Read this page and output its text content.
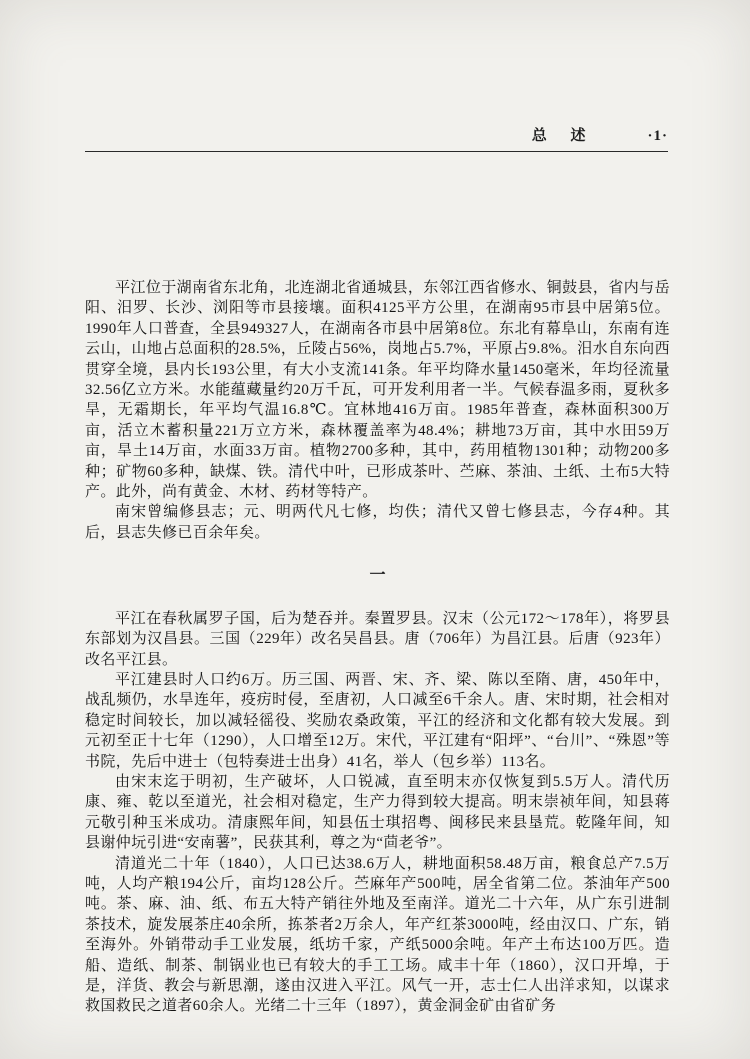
总 述	·1·

平江位于湖南省东北角，北连湖北省通城县，东邻江西省修水、铜鼓县，省内与岳阳、汨罗、长沙、浏阳等市县接壤。面积4125平方公里，在湖南95市县中居第5位。1990年人口普查，全县949327人，在湖南各市县中居第8位。东北有幕阜山，东南有连云山，山地占总面积的28.5%，丘陵占56%，岗地占5.7%，平原占9.8%。汨水自东向西贯穿全境，县内长193公里，有大小支流141条。年平均降水量1450毫米，年均径流量32.56亿立方米。水能蕴藏量约20万千瓦，可开发利用者一半。气候春温多雨，夏秋多旱，无霜期长，年平均气温16.8℃。宜林地416万亩。1985年普查，森林面积300万亩，活立木蓄积量221万立方米，森林覆盖率为48.4%；耕地73万亩，其中水田59万亩，旱土14万亩，水面33万亩。植物2700多种，其中，药用植物1301种；动物200多种；矿物60多种，缺煤、铁。清代中叶，已形成茶叶、苎麻、茶油、土纸、土布5大特产。此外，尚有黄金、木材、药材等特产。

南宋曾编修县志；元、明两代凡七修，均佚；清代又曾七修县志，今存4种。其后，县志失修已百余年矣。

一

平江在春秋属罗子国，后为楚吞并。秦置罗县。汉末（公元172～178年），将罗县东部划为汉昌县。三国（229年）改名吴昌县。唐（706年）为昌江县。后唐（923年）改名平江县。

平江建县时人口约6万。历三国、两晋、宋、齐、梁、陈以至隋、唐，450年中，战乱频仍，水旱连年，疫疠时侵，至唐初，人口减至6千余人。唐、宋时期，社会相对稳定时间较长，加以减轻徭役、奖励农桑政策，平江的经济和文化都有较大发展。到元初至正十七年（1290），人口增至12万。宋代，平江建有“阳坪”、“台川”、“殊恩”等书院，先后中进士（包特奏进士出身）41名，举人（包乡举）113名。

由宋末迄于明初，生产破坏，人口锐减，直至明末亦仅恢复到5.5万人。清代历康、雍、乾以至道光，社会相对稳定，生产力得到较大提高。明末崇祯年间，知县蒋元敬引种玉米成功。清康熙年间，知县伍士琪招粤、闽移民来县垦荒。乾隆年间，知县谢仲坃引进“安南薯”，民获其利，尊之为“茴老爷”。

清道光二十年（1840），人口已达38.6万人，耕地面积58.48万亩，粮食总产7.5万吨，人均产粮194公斤，亩均128公斤。苎麻年产500吨，居全省第二位。茶油年产500吨。茶、麻、油、纸、布五大特产销往外地及至南洋。道光二十六年，从广东引进制茶技术，旋发展茶庄40余所，拣茶者2万余人，年产红茶3000吨，经由汉口、广东，销至海外。外销带动手工业发展，纸坊千家，产纸5000余吨。年产土布达100万匹。造船、造纸、制茶、制锅业也已有较大的手工工场。咸丰十年（1860），汉口开埠，于是，洋货、教会与新思潮，遂由汉进入平江。风气一开，志士仁人出洋求知，以谋求救国救民之道者60余人。光绪二十三年（1897），黄金洞金矿由省矿务
